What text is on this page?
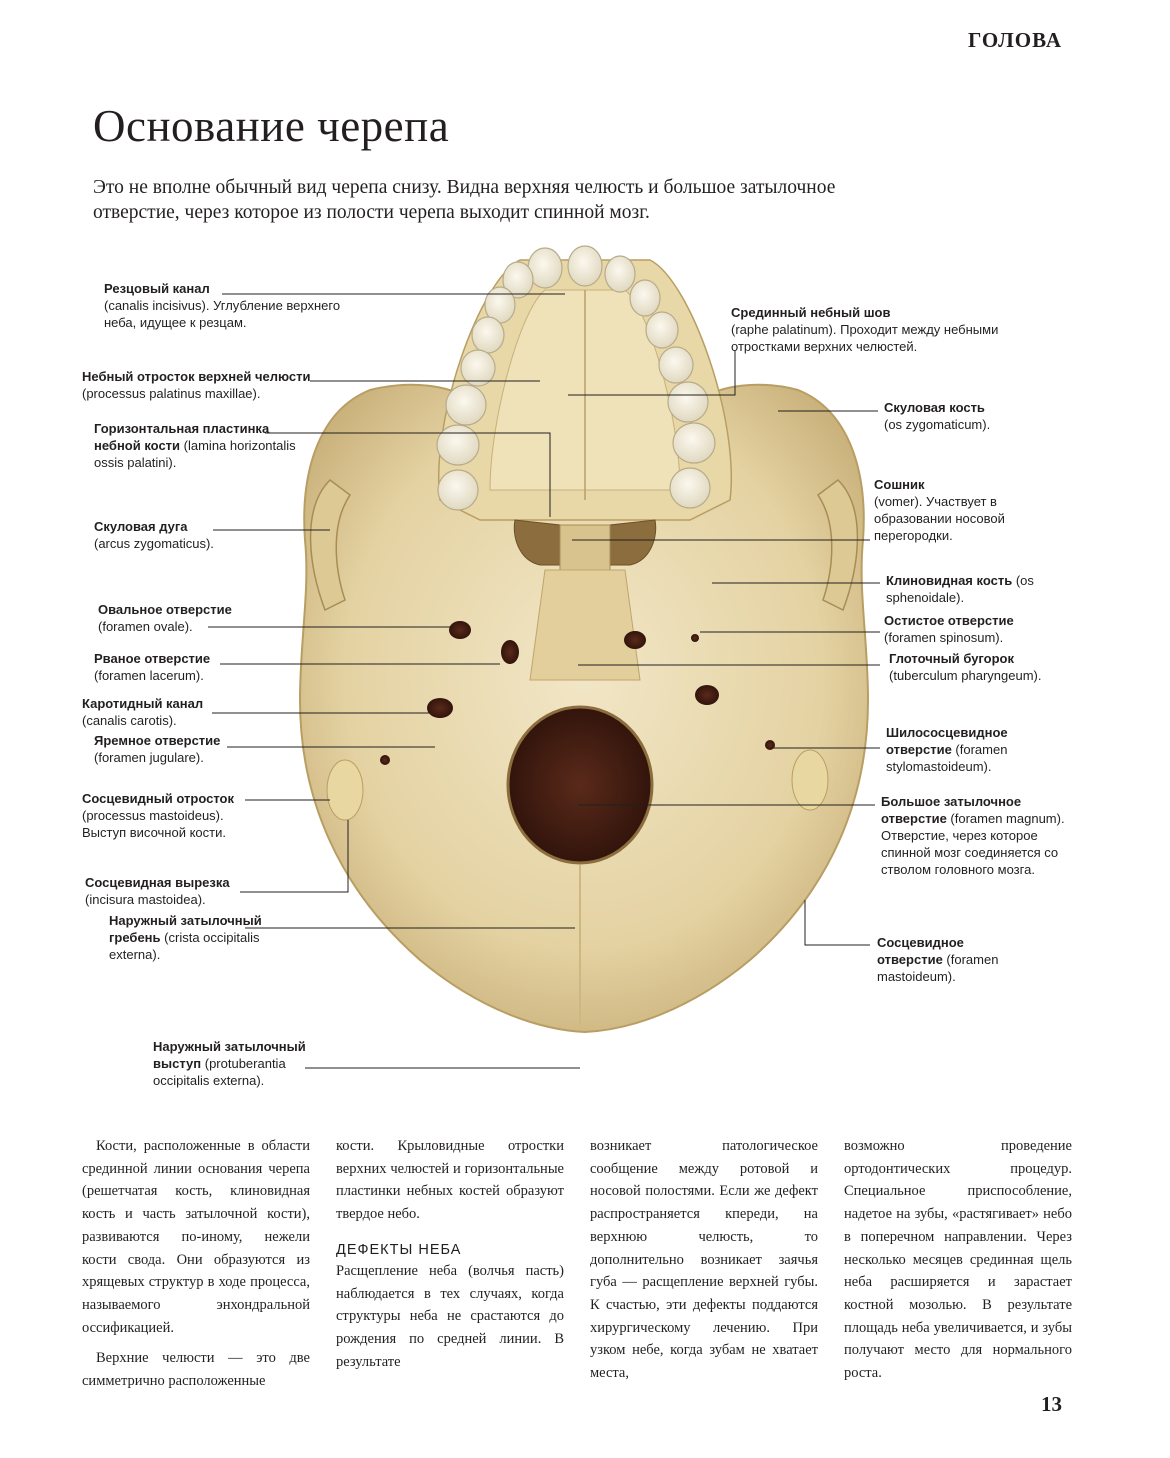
ГОЛОВА
Основание черепа

Это не вполне обычный вид черепа снизу. Видна верхняя челюсть и большое затылочное отверстие, через которое из полости черепа выходит спинной мозг.

Резцовый канал
(canalis incisivus). Углубление верхнего неба, идущее к резцам.
Небный отросток верхней челюсти (processus palatinus maxillae).
Горизонтальная пластинка небной кости (lamina horizontalis ossis palatini).
Скуловая дуга
(arcus zygomaticus).
Овальное отверстие
(foramen ovale).
Рваное отверстие
(foramen lacerum).
Каротидный канал
(canalis carotis).
Яремное отверстие
(foramen jugulare).
Сосцевидный отросток (processus mastoideus). Выступ височной кости.
Сосцевидная вырезка
(incisura mastoidea).
Наружный затылочный гребень (crista occipitalis externa).
Наружный затылочный выступ (protuberantia occipitalis externa).
Срединный небный шов
(raphe palatinum). Проходит между небными отростками верхних челюстей.
Скуловая кость (os zygomaticum).
Сошник
(vomer). Участвует в образовании носовой перегородки.
Клиновидная кость (os sphenoidale).
Остистое отверстие
(foramen spinosum).
Глоточный бугорок
(tuberculum pharyngeum).
Шилососцевидное отверстие (foramen stylomastoideum).
Большое затылочное отверстие (foramen magnum). Отверстие, через которое спинной мозг соединяется со стволом головного мозга.
Сосцевидное отверстие (foramen mastoideum).

Кости, расположенные в области срединной линии основания черепа (решетчатая кость, клиновидная кость и часть затылочной кости), развиваются по-иному, нежели кости свода. Они образуются из хрящевых структур в ходе процесса, называемого энхондральной оссификацией.

Верхние челюсти — это две симметрично расположенные

кости. Крыловидные отростки верхних челюстей и горизонтальные пластинки небных костей образуют твердое небо.

ДЕФЕКТЫ НЕБА

Расщепление неба (волчья пасть) наблюдается в тех случаях, когда структуры неба не срастаются до рождения по средней линии. В результате

возникает патологическое сообщение между ротовой и носовой полостями. Если же дефект распространяется кпереди, на верхнюю челюсть, то дополнительно возникает заячья губа — расщепление верхней губы. К счастью, эти дефекты поддаются хирургическому лечению. При узком небе, когда зубам не хватает места,

возможно проведение ортодонтических процедур. Специальное приспособление, надетое на зубы, «растягивает» небо в поперечном направлении. Через несколько месяцев срединная щель неба расширяется и зарастает костной мозолью. В результате площадь неба увеличивается, и зубы получают место для нормального роста.

13
